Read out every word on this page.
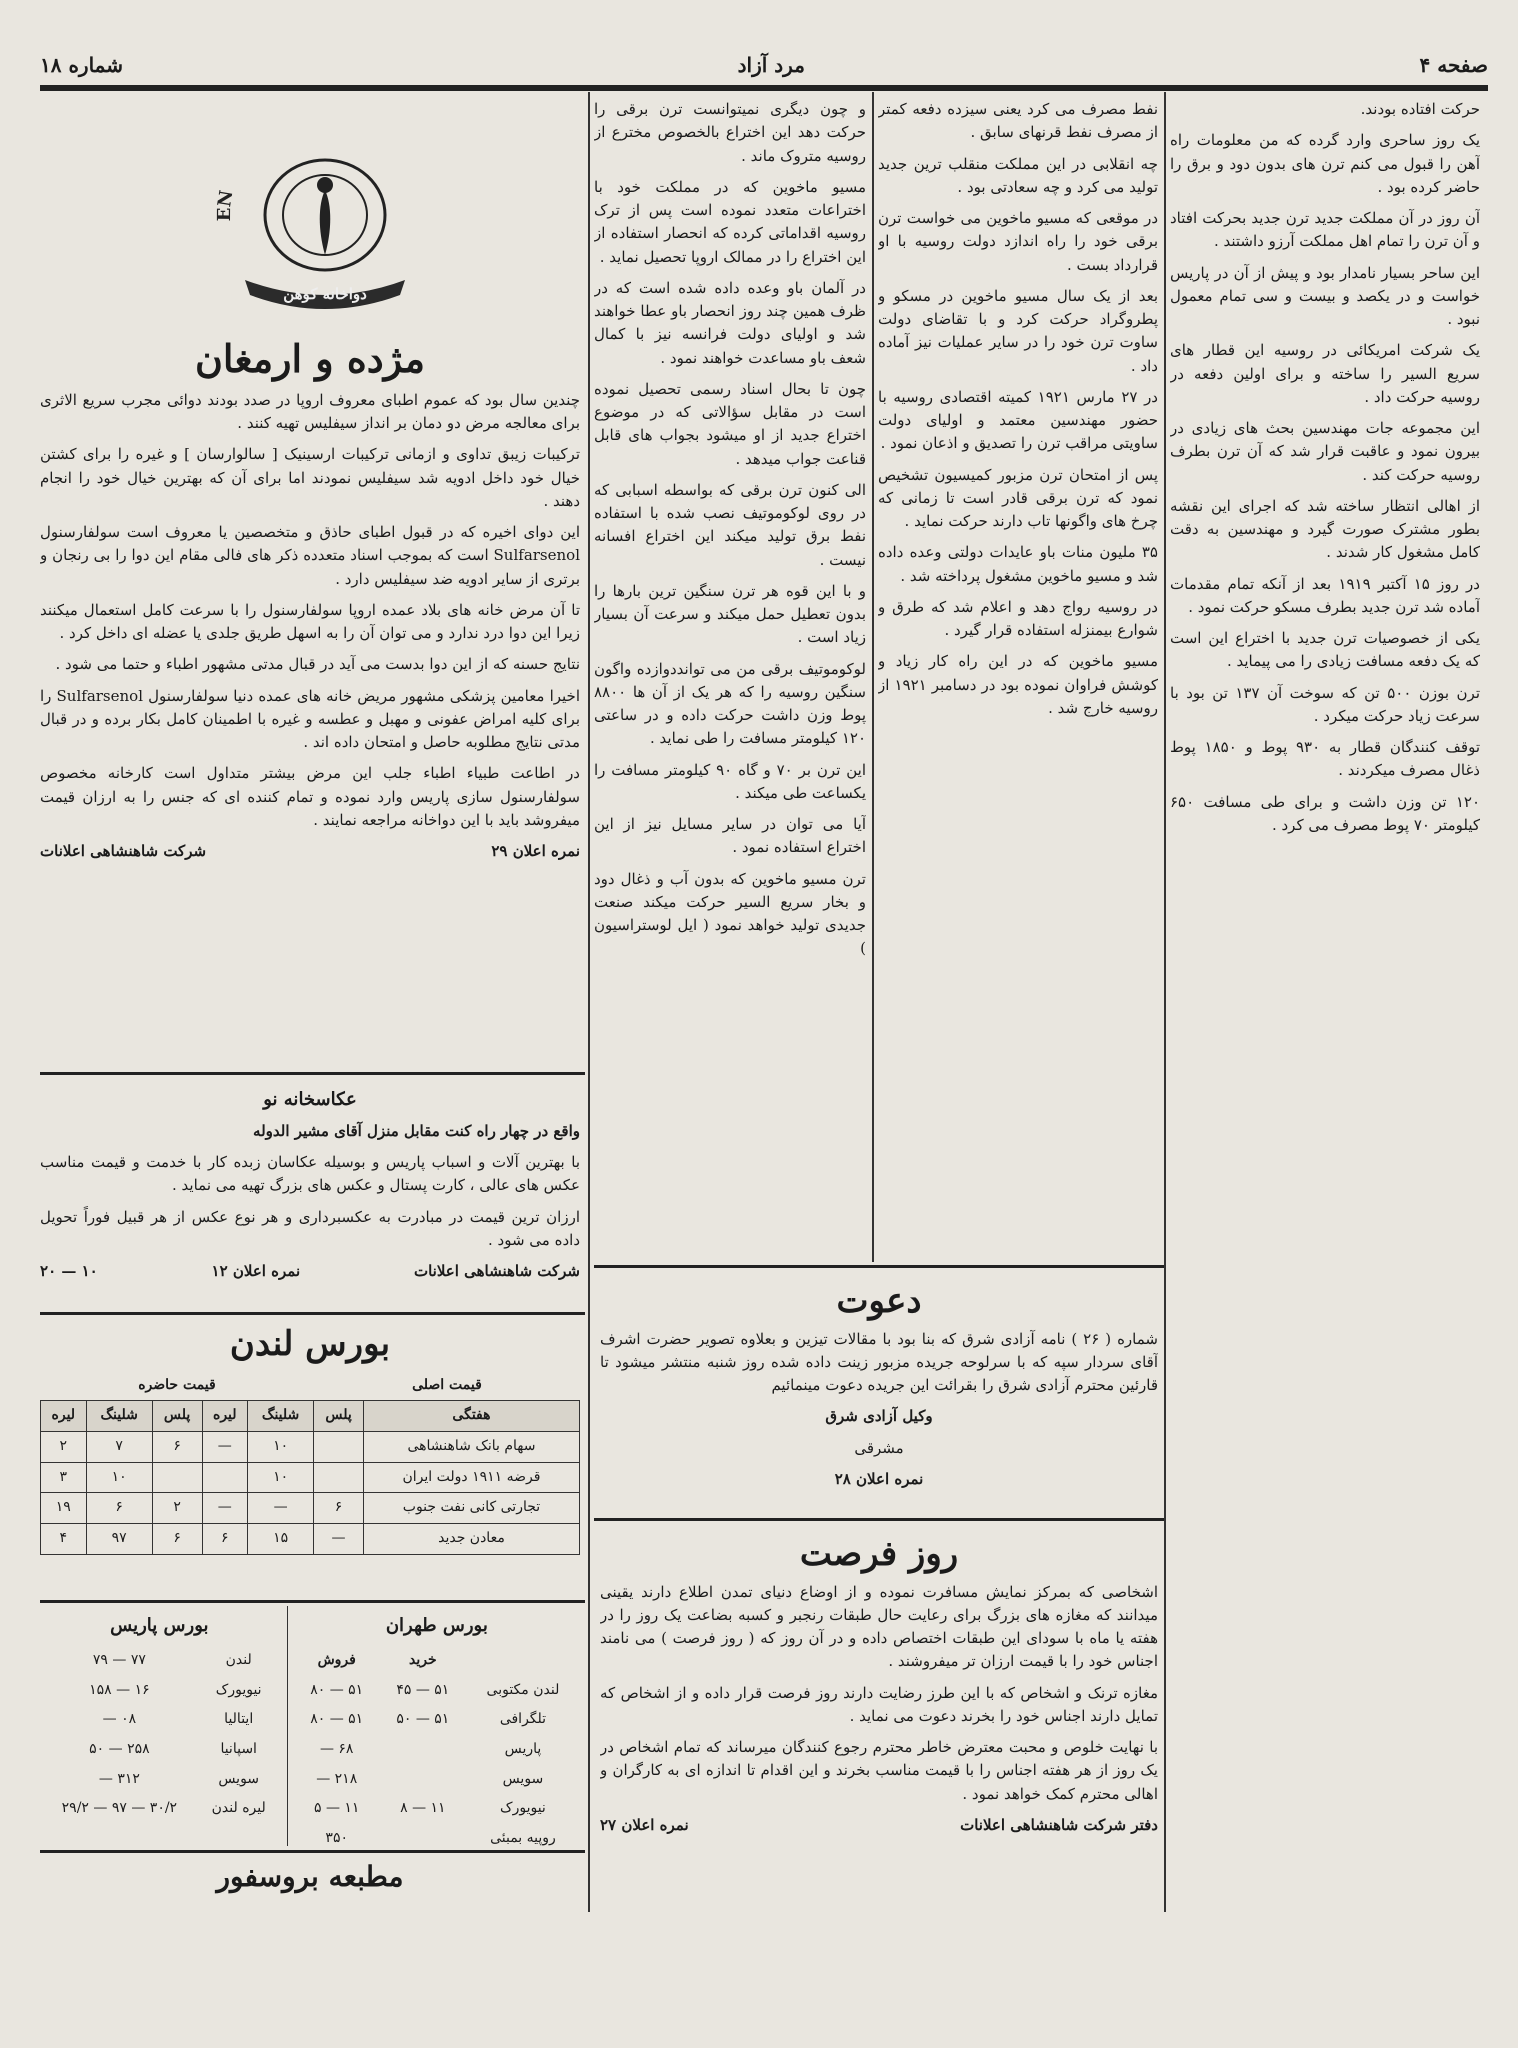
صفحه ۴
مرد آزاد
شماره ۱۸

حرکت افتاده بودند.

یک روز ساحری وارد گرده که من معلومات راه آهن را قبول می کنم ترن های بدون دود و برق را حاضر کرده بود .

آن روز در آن مملکت جدید ترن جدید بحرکت افتاد و آن ترن را تمام اهل مملکت آرزو داشتند .

این ساحر بسیار نامدار بود و پیش از آن در پاریس خواست و در یکصد و بیست و سی تمام معمول نبود .

یک شرکت امریکائی در روسیه این قطار های سریع السیر را ساخته و برای اولین دفعه در روسیه حرکت داد .

این مجموعه جات مهندسین بحث های زیادی در بیرون نمود و عاقبت قرار شد که آن ترن بطرف روسیه حرکت کند .

از اهالی انتظار ساخته شد که اجرای این نقشه بطور مشترک صورت گیرد و مهندسین به دقت کامل مشغول کار شدند .

در روز ۱۵ آکتبر ۱۹۱۹ بعد از آنکه تمام مقدمات آماده شد ترن جدید بطرف مسکو حرکت نمود .

یکی از خصوصیات ترن جدید با اختراع این است که یک دفعه مسافت زیادی را می پیماید .

ترن بوزن ۵۰۰ تن که سوخت آن ۱۳۷ تن بود با سرعت زیاد حرکت میکرد .

توقف کنندگان قطار به ۹۳۰ پوط و ۱۸۵۰ پوط ذغال مصرف میکردند .

۱۲۰ تن وزن داشت و برای طی مسافت ۶۵۰ کیلومتر ۷۰ پوط مصرف می کرد .

نفط مصرف می کرد یعنی سیزده دفعه کمتر از مصرف نفط قرنهای سابق .

چه انقلابی در این مملکت منقلب ترین جدید تولید می کرد و چه سعادتی بود .

در موقعی که مسیو ماخوین می خواست ترن برقی خود را راه اندازد دولت روسیه با او قرارداد بست .

بعد از یک سال مسیو ماخوین در مسکو و پطروگراد حرکت کرد و با تقاضای دولت ساوت ترن خود را در سایر عملیات نیز آماده داد .

در ۲۷ مارس ۱۹۲۱ کمیته اقتصادی روسیه با حضور مهندسین معتمد و اولیای دولت ساویتی مراقب ترن را تصدیق و اذعان نمود .

پس از امتحان ترن مزبور کمیسیون تشخیص نمود که ترن برقی قادر است تا زمانی که چرخ های واگونها تاب دارند حرکت نماید .

۳۵ ملیون منات باو عایدات دولتی وعده داده شد و مسیو ماخوین مشغول پرداخته شد .

در روسیه رواج دهد و اعلام شد که طرق و شوارع بیمنزله استفاده قرار گیرد .

مسیو ماخوین که در این راه کار زیاد و کوشش فراوان نموده بود در دسامبر ۱۹۲۱ از روسیه خارج شد .

و چون دیگری نمیتوانست ترن برقی را حرکت دهد این اختراع بالخصوص مخترع از روسیه متروک ماند .

مسیو ماخوین که در مملکت خود با اختراعات متعدد نموده است پس از ترک روسیه اقداماتی کرده که انحصار استفاده از این اختراع را در ممالک اروپا تحصیل نماید .

در آلمان باو وعده داده شده است که در ظرف همین چند روز انحصار باو عطا خواهند شد و اولیای دولت فرانسه نیز با کمال شعف باو مساعدت خواهند نمود .

چون تا بحال اسناد رسمی تحصیل نموده است در مقابل سؤالاتی که در موضوع اختراع جدید از او میشود بجواب های قابل قناعت جواب میدهد .

الی کنون ترن برقی که بواسطه اسبابی که در روی لوکوموتیف نصب شده با استفاده نفط برق تولید میکند این اختراع افسانه نیست .

و با این قوه هر ترن سنگین ترین بارها را بدون تعطیل حمل میکند و سرعت آن بسیار زیاد است .

لوکوموتیف برقی من می توانددوازده واگون سنگین روسیه را که هر یک از آن ها ۸۸۰۰ پوط وزن داشت حرکت داده و در ساعتی ۱۲۰ کیلومتر مسافت را طی نماید .

این ترن بر ۷۰ و گاه ۹۰ کیلومتر مسافت را یکساعت طی میکند .

آیا می توان در سایر مسایل نیز از این اختراع استفاده نمود .

ترن مسیو ماخوین که بدون آب و ذغال دود و بخار سریع السیر حرکت میکند صنعت جدیدی تولید خواهد نمود ( ایل لوستراسیون )

EN
دواخانه کوهن
مژده و ارمغان

چندین سال بود که عموم اطبای معروف اروپا در صدد بودند دوائی مجرب سریع الاثری برای معالجه مرض دو دمان بر انداز سیفلیس تهیه کنند .

ترکیبات زیبق تداوی و ازمانی ترکیبات ارسینیک [ سالوارسان ] و غیره را برای کشتن خیال خود داخل ادویه شد سیفلیس نمودند اما برای آن که بهترین خیال خود را انجام دهند .

این دوای اخیره که در قبول اطبای حاذق و متخصصین یا معروف است سولفارسنول Sulfarsenol است که بموجب اسناد متعدده ذکر های فالی مقام این دوا را بی رنجان و برتری از سایر ادویه ضد سیفلیس دارد .

تا آن مرض خانه های بلاد عمده اروپا سولفارسنول را با سرعت کامل استعمال میکنند زیرا این دوا درد ندارد و می توان آن را به اسهل طریق جلدی یا عضله ای داخل کرد .

نتایج حسنه که از این دوا بدست می آید در قبال مدتی مشهور اطباء و حتما می شود .

اخیرا معامین پزشکی مشهور مریض خانه های عمده دنیا سولفارسنول Sulfarsenol را برای کلیه امراض عفونی و مهبل و عطسه و غیره با اطمینان کامل بکار برده و در قبال مدتی نتایج مطلوبه حاصل و امتحان داده اند .

در اطاعت طبیاء اطباء جلب این مرض بیشتر متداول است کارخانه مخصوص سولفارسنول سازی پاریس وارد نموده و تمام کننده ای که جنس را به ارزان قیمت میفروشد باید با این دواخانه مراجعه نمایند .

نمره اعلان ۲۹
شرکت شاهنشاهی اعلانات
عکاسخانه نو

واقع در چهار راه کنت مقابل منزل آقای مشیر الدوله

با بهترین آلات و اسباب پاریس و بوسیله عکاسان زبده کار با خدمت و قیمت مناسب عکس های عالی ، کارت پستال و عکس های بزرگ تهیه می نماید .

ارزان ترین قیمت در مبادرت به عکسبرداری و هر نوع عکس از هر قبیل فوراً تحویل داده می شود .

شرکت شاهنشاهی اعلانات
نمره اعلان ۱۲
۱۰ — ۲۰
بورس لندن
قیمت اصلی
قیمت حاضره
هفتگی	پلس	شلینگ	لیره	پلس	شلینگ	لیره
سهام بانک شاهنشاهی		۱۰	—	۶	۷	۲
قرضه ۱۹۱۱ دولت ایران		۱۰			۱۰	۳
تجارتی کانی نفت جنوب	۶	—	—	۲	۶	۱۹
معادن جدید	—	۱۵	۶	۶	۹۷	۴
بورس طهران
	خرید	فروش
لندن مکتوبی	۵۱ — ۴۵	۵۱ — ۸۰
تلگرافی	۵۱ — ۵۰	۵۱ — ۸۰
پاریس		۶۸ —
سویس		۲۱۸ —
نیویورک	۱۱ — ۸	۱۱ — ۵
روپیه بمبئی		۳۵۰
بورس پاریس
لندن	۷۷ — ۷۹
نیویورک	۱۶ — ۱۵۸
ایتالیا	۰۸ —
اسپانیا	۲۵۸ — ۵۰
سویس	۳۱۲ —
لیره لندن	۳۰/۲ — ۹۷ — ۲۹/۲
مطبعه بروسفور
دعوت

شماره ( ۲۶ ) نامه آزادی شرق که بنا بود با مقالات تیزین و بعلاوه تصویر حضرت اشرف آقای سردار سپه که با سرلوحه جریده مزبور زینت داده شده روز شنبه منتشر میشود تا قارئین محترم آزادی شرق را بقرائت این جریده دعوت مینمائیم

وکیل آزادی شرق

مشرقی

نمره اعلان ۲۸
روز فرصت

اشخاصی که بمرکز نمایش مسافرت نموده و از اوضاع دنیای تمدن اطلاع دارند یقینی میدانند که مغازه های بزرگ برای رعایت حال طبقات رنجبر و کسبه بضاعت یک روز را در هفته یا ماه با سودای این طبقات اختصاص داده و در آن روز که ( روز فرصت ) می نامند اجناس خود را با قیمت ارزان تر میفروشند .

مغازه ترنک و اشخاص که با این طرز رضایت دارند روز فرصت قرار داده و از اشخاص که تمایل دارند اجناس خود را بخرند دعوت می نماید .

با نهایت خلوص و محبت معترض خاطر محترم رجوع کنندگان میرساند که تمام اشخاص در یک روز از هر هفته اجناس را با قیمت مناسب بخرند و این اقدام تا اندازه ای به کارگران و اهالی محترم کمک خواهد نمود .

دفتر شرکت شاهنشاهی اعلانات
نمره اعلان ۲۷
